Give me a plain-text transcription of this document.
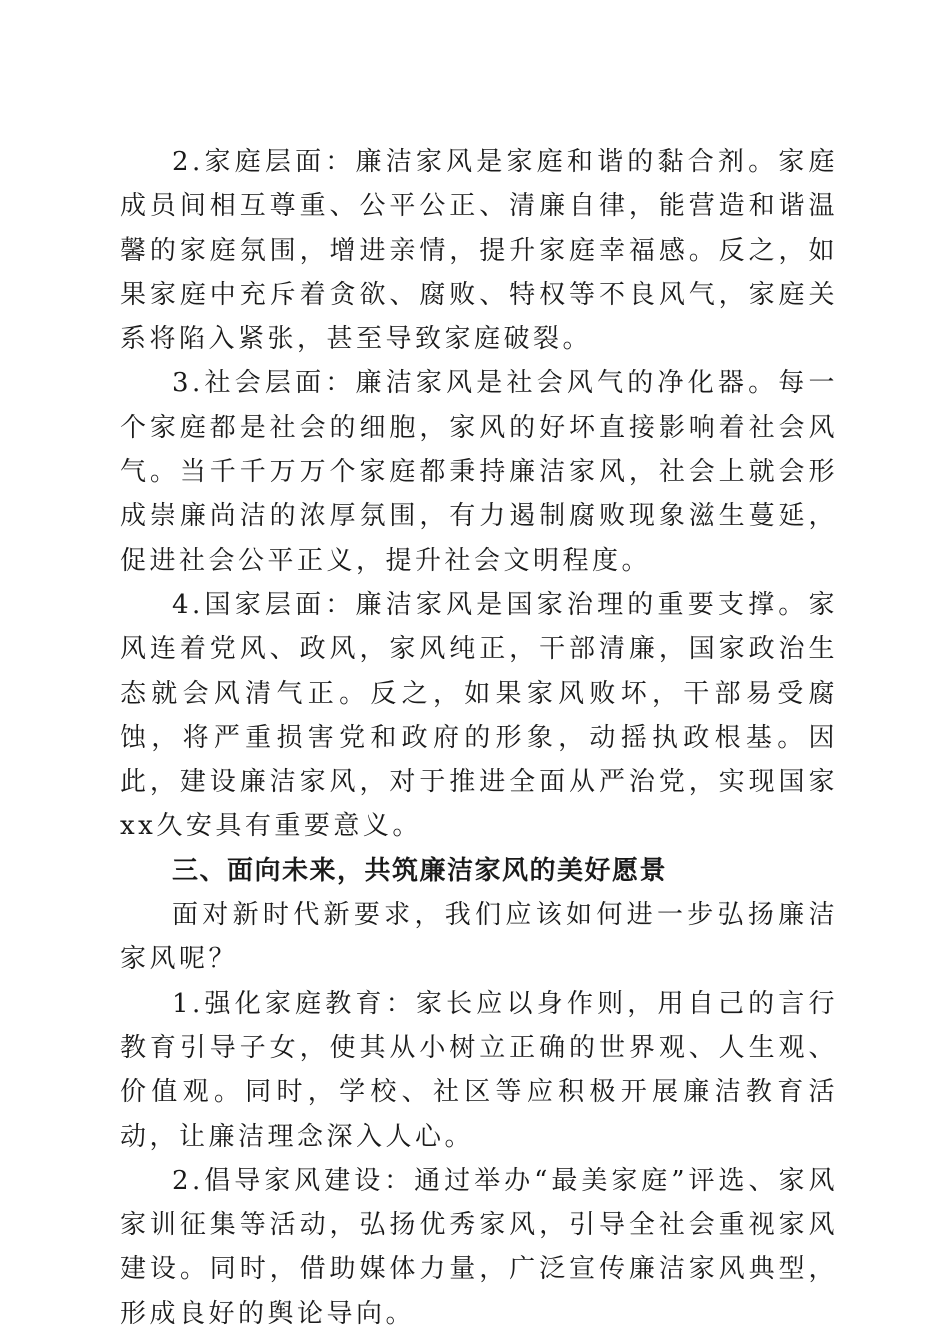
2.家庭层面：廉洁家风是家庭和谐的黏合剂。家庭成员间相互尊重、公平公正、清廉自律，能营造和谐温馨的家庭氛围，增进亲情，提升家庭幸福感。反之，如果家庭中充斥着贪欲、腐败、特权等不良风气，家庭关系将陷入紧张，甚至导致家庭破裂。

3.社会层面：廉洁家风是社会风气的净化器。每一个家庭都是社会的细胞，家风的好坏直接影响着社会风气。当千千万万个家庭都秉持廉洁家风，社会上就会形成崇廉尚洁的浓厚氛围，有力遏制腐败现象滋生蔓延，促进社会公平正义，提升社会文明程度。

4.国家层面：廉洁家风是国家治理的重要支撑。家风连着党风、政风，家风纯正，干部清廉，国家政治生态就会风清气正。反之，如果家风败坏，干部易受腐蚀，将严重损害党和政府的形象，动摇执政根基。因此，建设廉洁家风，对于推进全面从严治党，实现国家xx久安具有重要意义。

三、面向未来，共筑廉洁家风的美好愿景

面对新时代新要求，我们应该如何进一步弘扬廉洁家风呢？

1.强化家庭教育：家长应以身作则，用自己的言行教育引导子女，使其从小树立正确的世界观、人生观、价值观。同时，学校、社区等应积极开展廉洁教育活动，让廉洁理念深入人心。

2.倡导家风建设：通过举办“最美家庭”评选、家风家训征集等活动，弘扬优秀家风，引导全社会重视家风建设。同时，借助媒体力量，广泛宣传廉洁家风典型，形成良好的舆论导向。
